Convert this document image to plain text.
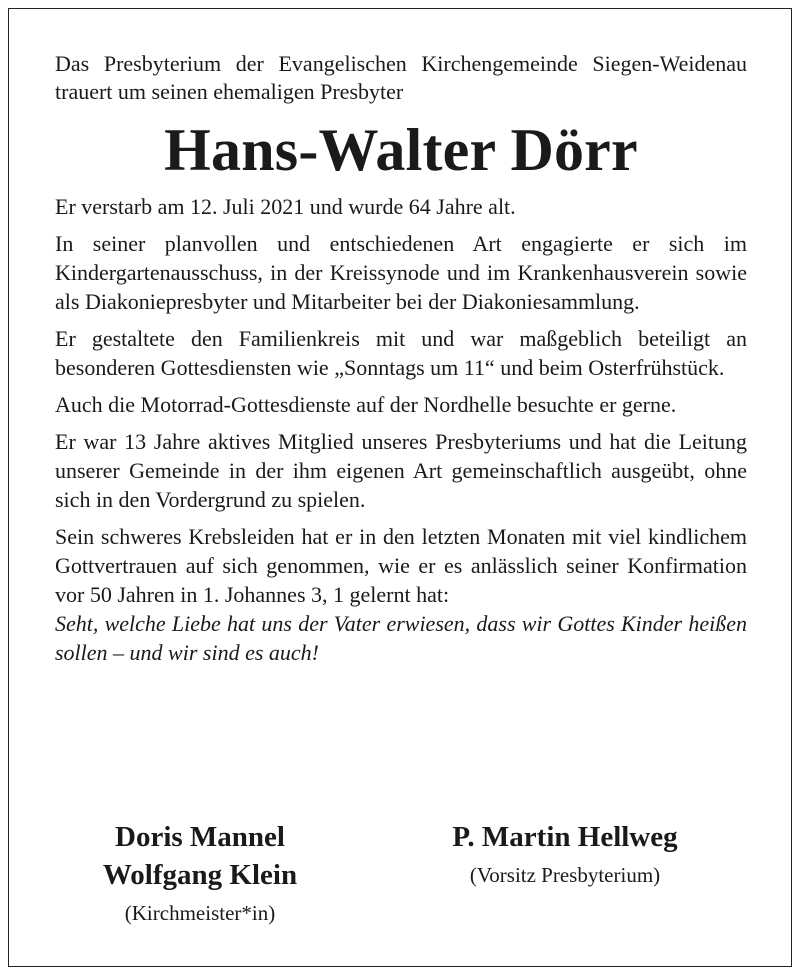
Das Presbyterium der Evangelischen Kirchengemeinde Siegen-Weidenau trauert um seinen ehemaligen Presbyter

Hans-Walter Dörr

Er verstarb am 12. Juli 2021 und wurde 64 Jahre alt.

In seiner planvollen und entschiedenen Art engagierte er sich im Kindergartenausschuss, in der Kreissynode und im Krankenhausverein sowie als Diakoniepresbyter und Mitarbeiter bei der Diakoniesammlung.

Er gestaltete den Familienkreis mit und war maßgeblich beteiligt an besonderen Gottesdiensten wie „Sonntags um 11“ und beim Osterfrühstück.

Auch die Motorrad-Gottesdienste auf der Nordhelle besuchte er gerne.

Er war 13 Jahre aktives Mitglied unseres Presbyteriums und hat die Leitung unserer Gemeinde in der ihm eigenen Art gemeinschaftlich ausgeübt, ohne sich in den Vordergrund zu spielen.

Sein schweres Krebsleiden hat er in den letzten Monaten mit viel kindlichem Gottvertrauen auf sich genommen, wie er es anlässlich seiner Konfirmation vor 50 Jahren in 1. Johannes 3, 1 gelernt hat:

Seht, welche Liebe hat uns der Vater erwiesen, dass wir Gottes Kinder heißen sollen – und wir sind es auch!

Doris Mannel
Wolfgang Klein
(Kirchmeister*in)
P. Martin Hellweg
(Vorsitz Presbyterium)
